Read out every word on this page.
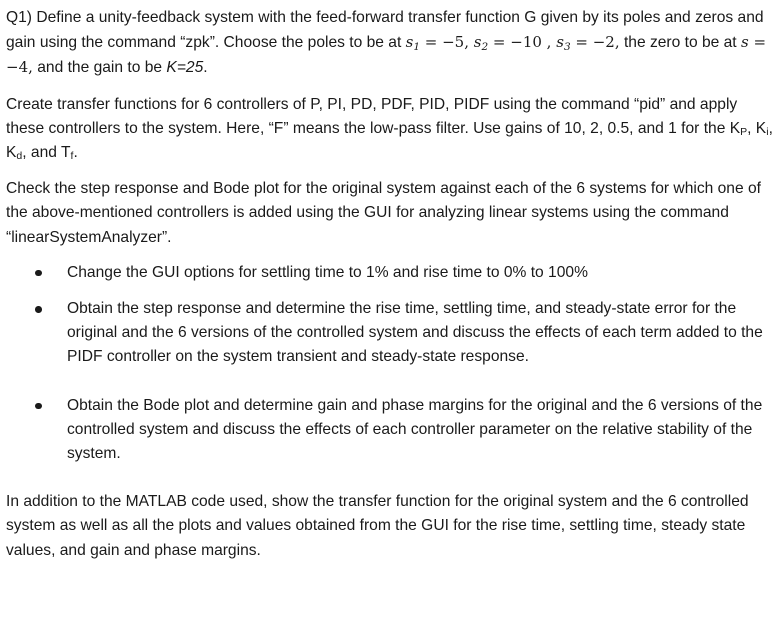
Q1) Define a unity-feedback system with the feed-forward transfer function G given by its poles and zeros and gain using the command “zpk”. Choose the poles to be at $s_1 = -5$, $s_2 = -10$ , $s_3 = -2$, the zero to be at s = −4, and the gain to be K=25.

Create transfer functions for 6 controllers of P, PI, PD, PDF, PID, PIDF using the command “pid” and apply these controllers to the system. Here, “F” means the low-pass filter. Use gains of 10, 2, 0.5, and 1 for the $K_P$, $K_i$, $K_d$, and $T_f$.

Check the step response and Bode plot for the original system against each of the 6 systems for which one of the above-mentioned controllers is added using the GUI for analyzing linear systems using the command “linearSystemAnalyzer”.

Change the GUI options for settling time to 1% and rise time to 0% to 100%
Obtain the step response and determine the rise time, settling time, and steady-state error for the original and the 6 versions of the controlled system and discuss the effects of each term added to the PIDF controller on the system transient and steady-state response.
Obtain the Bode plot and determine gain and phase margins for the original and the 6 versions of the controlled system and discuss the effects of each controller parameter on the relative stability of the system.

In addition to the MATLAB code used, show the transfer function for the original system and the 6 controlled system as well as all the plots and values obtained from the GUI for the rise time, settling time, steady state values, and gain and phase margins.
